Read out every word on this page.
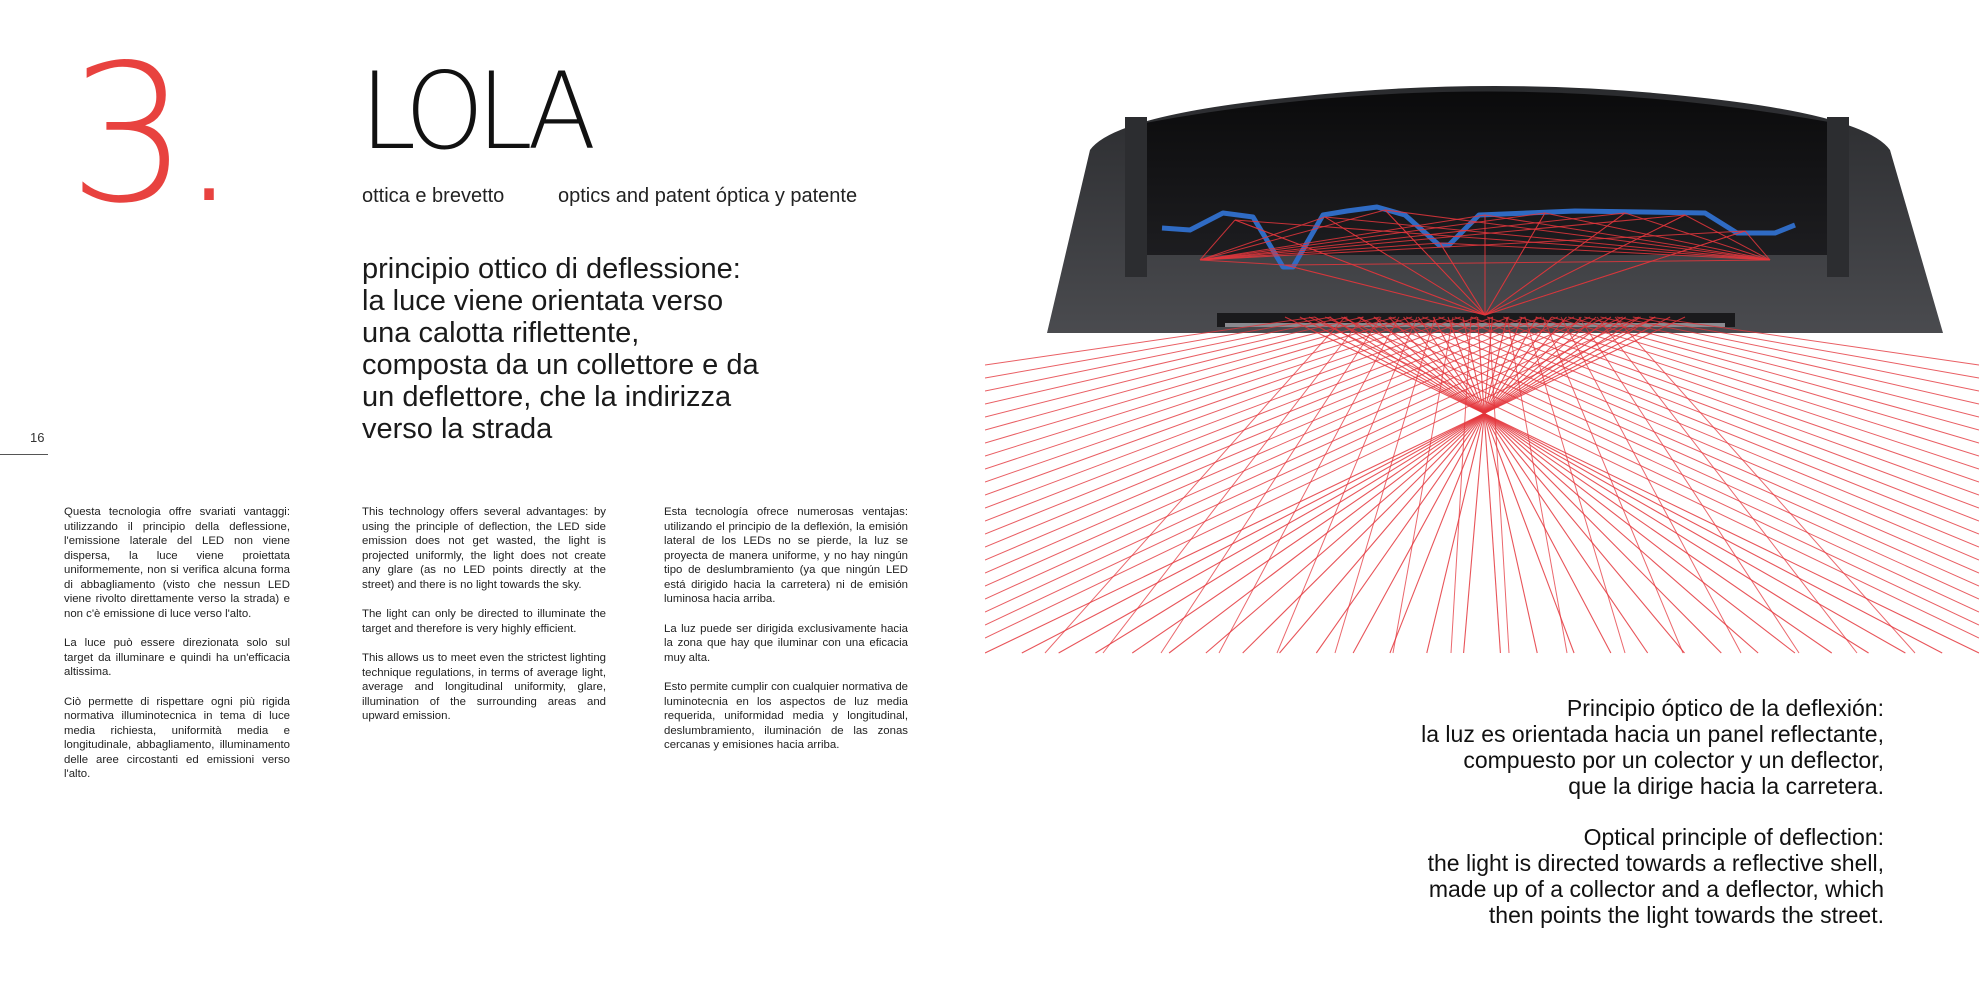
3. LOLA
ottica e brevetto	optics and patent óptica y patente
principio ottico di deflessione:
la luce viene orientata verso
una calotta riflettente,
composta da un collettore e da
un deflettore, che la indirizza
verso la strada
16

Questa tecnologia offre svariati vantaggi: utilizzando il principio della deflessione, l'emissione laterale del LED non viene dispersa, la luce viene proiettata uniformemente, non si verifica alcuna forma di abbagliamento (visto che nessun LED viene rivolto direttamente verso la strada) e non c'è emissione di luce verso l'alto.

La luce può essere direzionata solo sul target da illuminare e quindi ha un'efficacia altissima.

Ciò permette di rispettare ogni più rigida normativa illuminotecnica in tema di luce media richiesta, uniformità media e longitudinale, abbagliamento, illuminamento delle aree circostanti ed emissioni verso l'alto.

This technology offers several advantages: by using the principle of deflection, the LED side emission does not get wasted, the light is projected uniformly, the light does not create any glare (as no LED points directly at the street) and there is no light towards the sky.

The light can only be directed to illuminate the target and therefore is very highly efficient.

This allows us to meet even the strictest lighting technique regulations, in terms of average light, average and longitudinal uniformity, glare, illumination of the surrounding areas and upward emission.

Esta tecnología ofrece numerosas ventajas: utilizando el principio de la deflexión, la emisión lateral de los LEDs no se pierde, la luz se proyecta de manera uniforme, y no hay ningún tipo de deslumbramiento (ya que ningún LED está dirigido hacia la carretera) ni de emisión luminosa hacia arriba.

La luz puede ser dirigida exclusivamente hacia la zona que hay que iluminar con una eficacia muy alta.

Esto permite cumplir con cualquier normativa de luminotecnia en los aspectos de luz media requerida, uniformidad media y longitudinal, deslumbramiento, iluminación de las zonas cercanas y emisiones hacia arriba.

Principio óptico de la deflexión:
la luz es orientada hacia un panel reflectante,
compuesto por un colector y un deflector,
que la dirige hacia la carretera.
Optical principle of deflection:
the light is directed towards a reflective shell,
made up of a collector and a deflector, which
then points the light towards the street.
